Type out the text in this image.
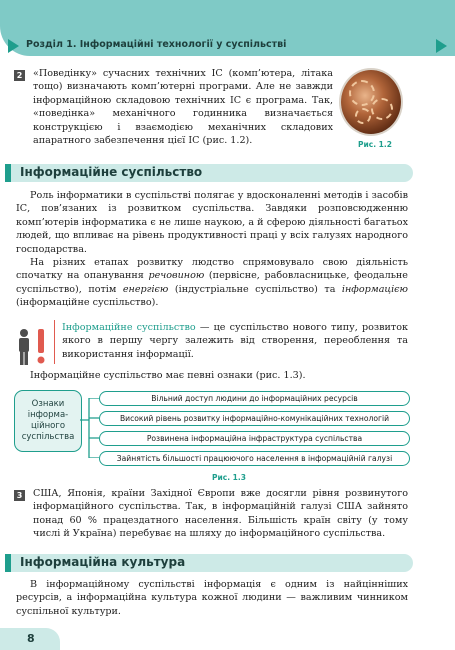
Розділ 1. Інформаційні технології у суспільстві
2 «Поведінку» сучасних технічних ІС (комп’ютера, літака тощо) визначають комп’ютерні програми. Але не завжди інформаційною складовою технічних ІС є програма. Так, «поведінка» механічного годинника визначається конструкцією і взаємодією механічних складових апаратного забезпечення цієї ІС (рис. 1.2).	Рис. 1.2
Інформаційне суспільство
Роль інформатики в суспільстві полягає у вдосконаленні методів і засобів ІС, пов’язаних із розвитком суспільства. Завдяки розповсюдженню комп’ютерів інформатика є не лише наукою, а й сферою діяльності багатьох людей, що впливає на рівень продуктивності праці у всіх галузях народного господарства.
На різних етапах розвитку людство спрямовувало свою діяльність спочатку на опанування речовиною (первісне, рабовласницьке, феодальне суспільство), потім енергією (індустріальне суспільство) та інформацією (інформаційне суспільство).
Інформаційне суспільство — це суспільство нового типу, розвиток якого в першу чергу залежить від створення, переоблення та використання інформації.
Інформаційне суспільство має певні ознаки (рис. 1.3).
Ознаки інформа-ційного суспільства
Вільний доступ людини до інформаційних ресурсів
Високий рівень розвитку інформаційно-комунікаційних технологій
Розвинена інформаційна інфраструктура суспільства
Зайнятість більшості працюючого населення в інформаційній галузі
Рис. 1.3
3 США, Японія, країни Західної Європи вже досягли рівня розвинутого інформаційного суспільства. Так, в інформаційній галузі США зайнято понад 60 % працездатного населення. Більшість країн світу (у тому числі й Україна) перебуває на шляху до інформаційного суспільства.
Інформаційна культура
В інформаційному суспільстві інформація є одним із найцінніших ресурсів, а інформаційна культура кожної людини — важливим чинником суспільної культури.
8
